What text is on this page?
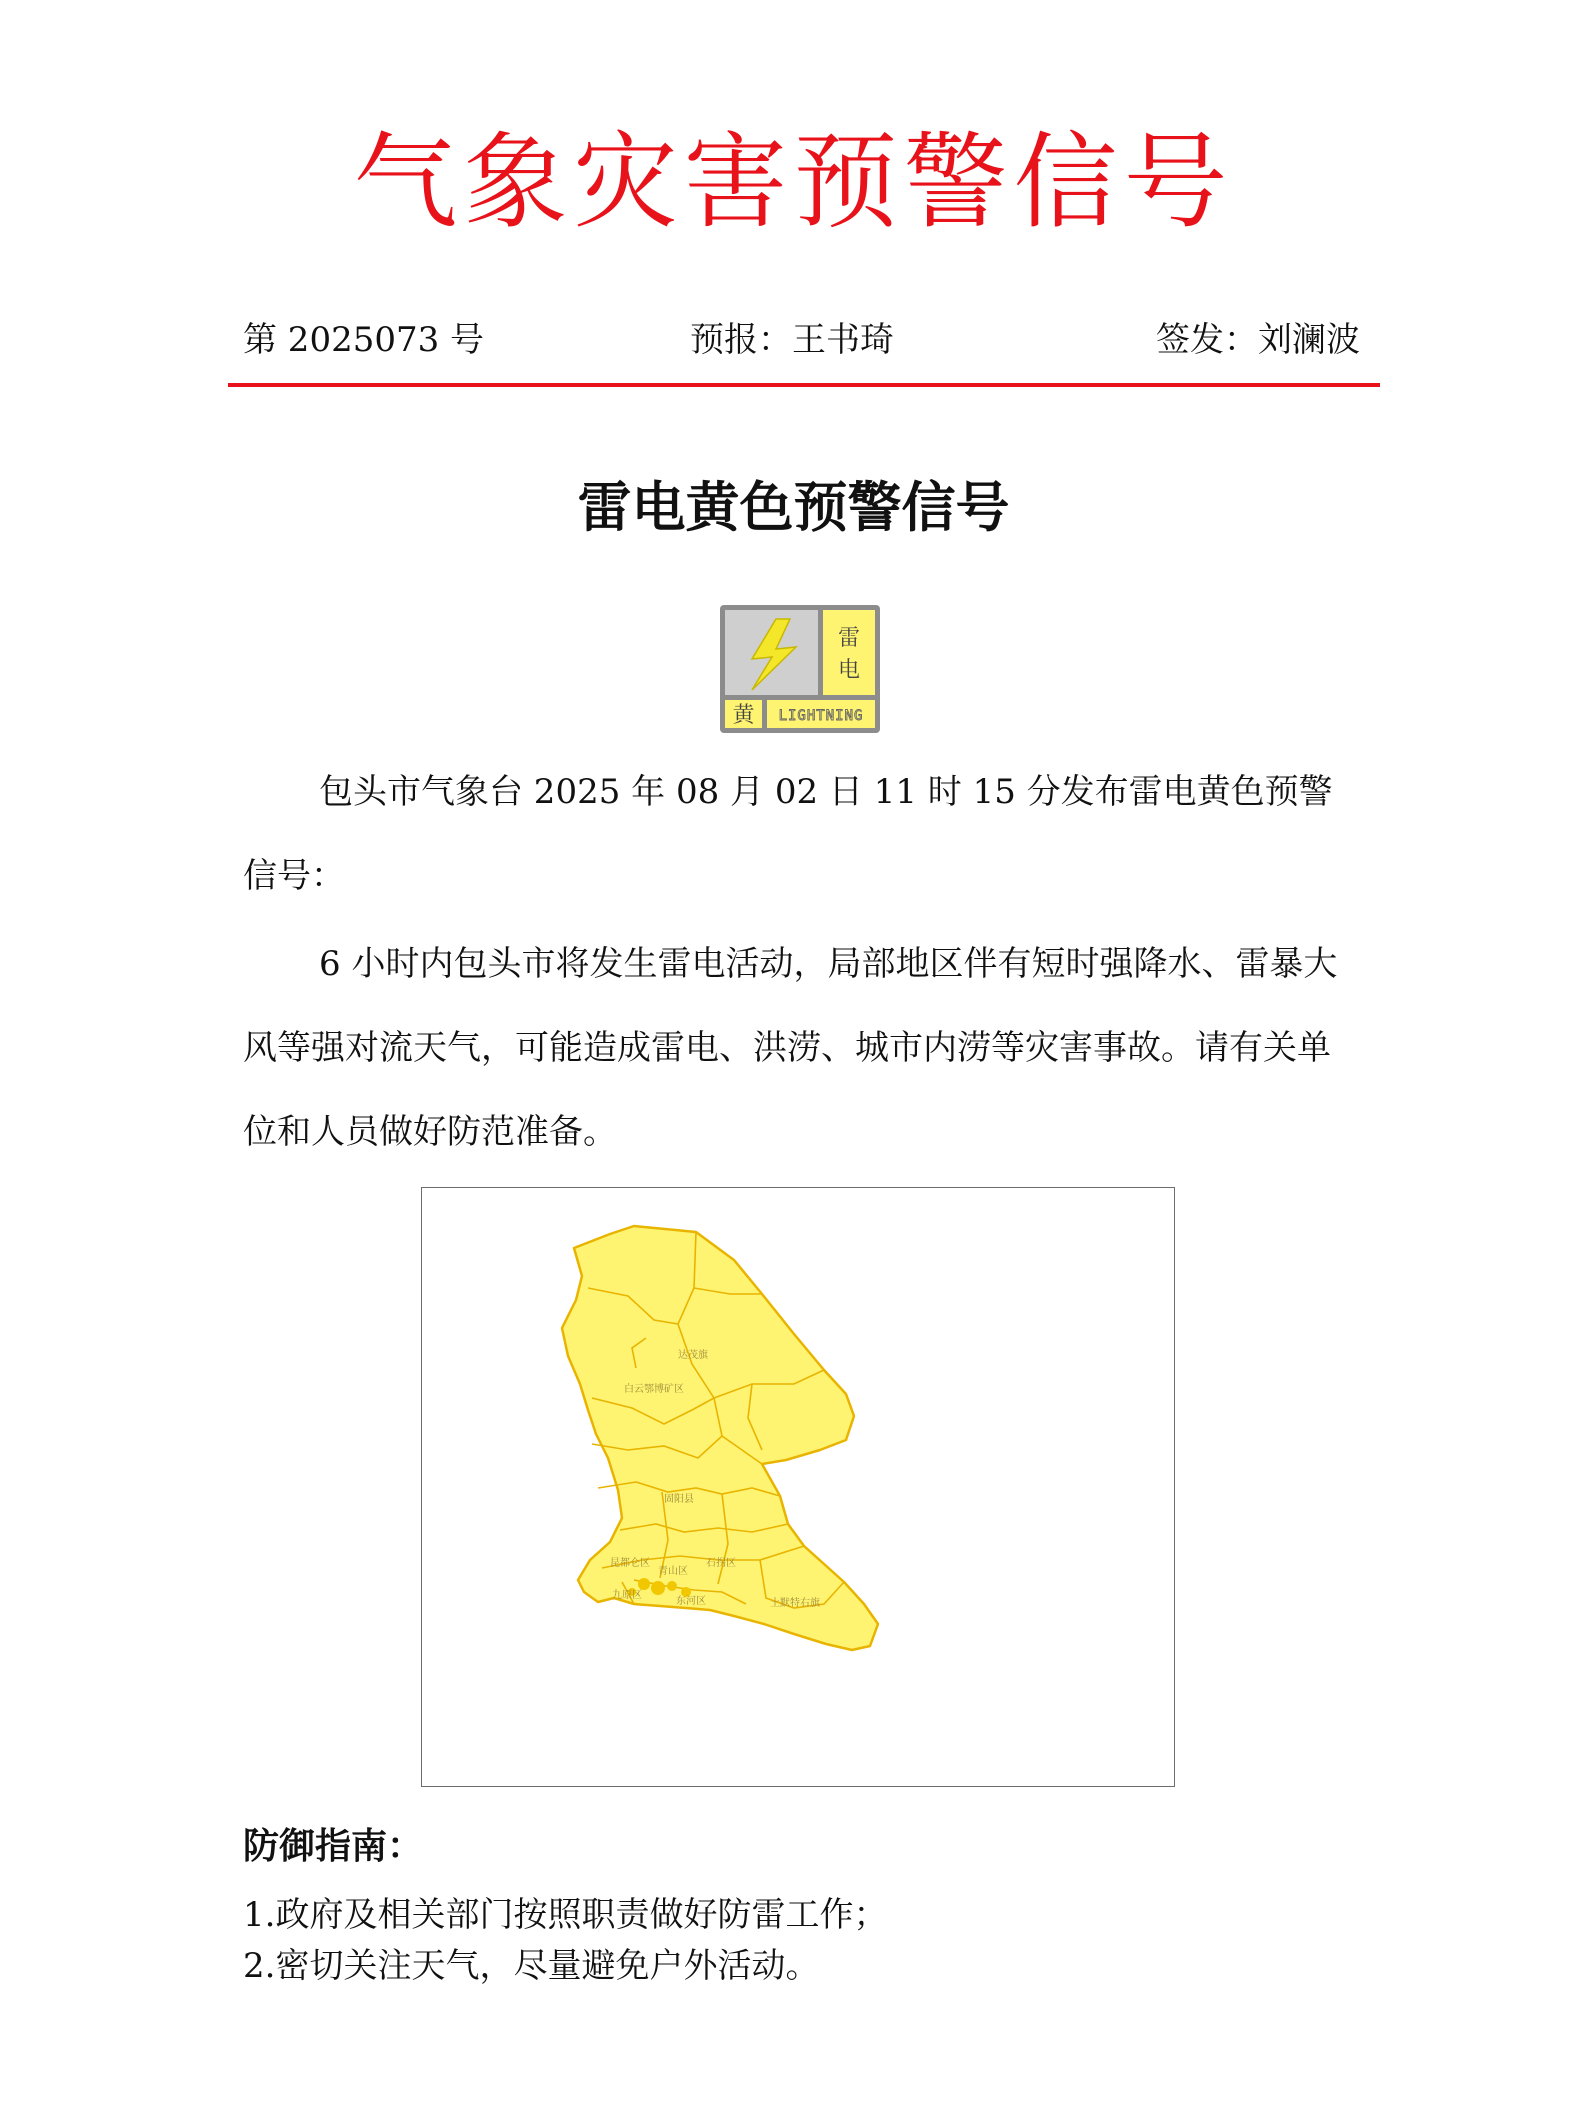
气象灾害预警信号
第 2025073 号	预报：王书琦	签发：刘澜波
雷电黄色预警信号
雷
电
黄 LIGHTNING

包头市气象台 2025 年 08 月 02 日 11 时 15 分发布雷电黄色预警信号：

6 小时内包头市将发生雷电活动，局部地区伴有短时强降水、雷暴大风等强对流天气，可能造成雷电、洪涝、城市内涝等灾害事故。请有关单位和人员做好防范准备。

达茂旗
白云鄂博矿区
固阳县
昆都仑区
青山区
石拐区
九原区
东河区	土默特右旗
防御指南：
1.政府及相关部门按照职责做好防雷工作；
2.密切关注天气，尽量避免户外活动。
